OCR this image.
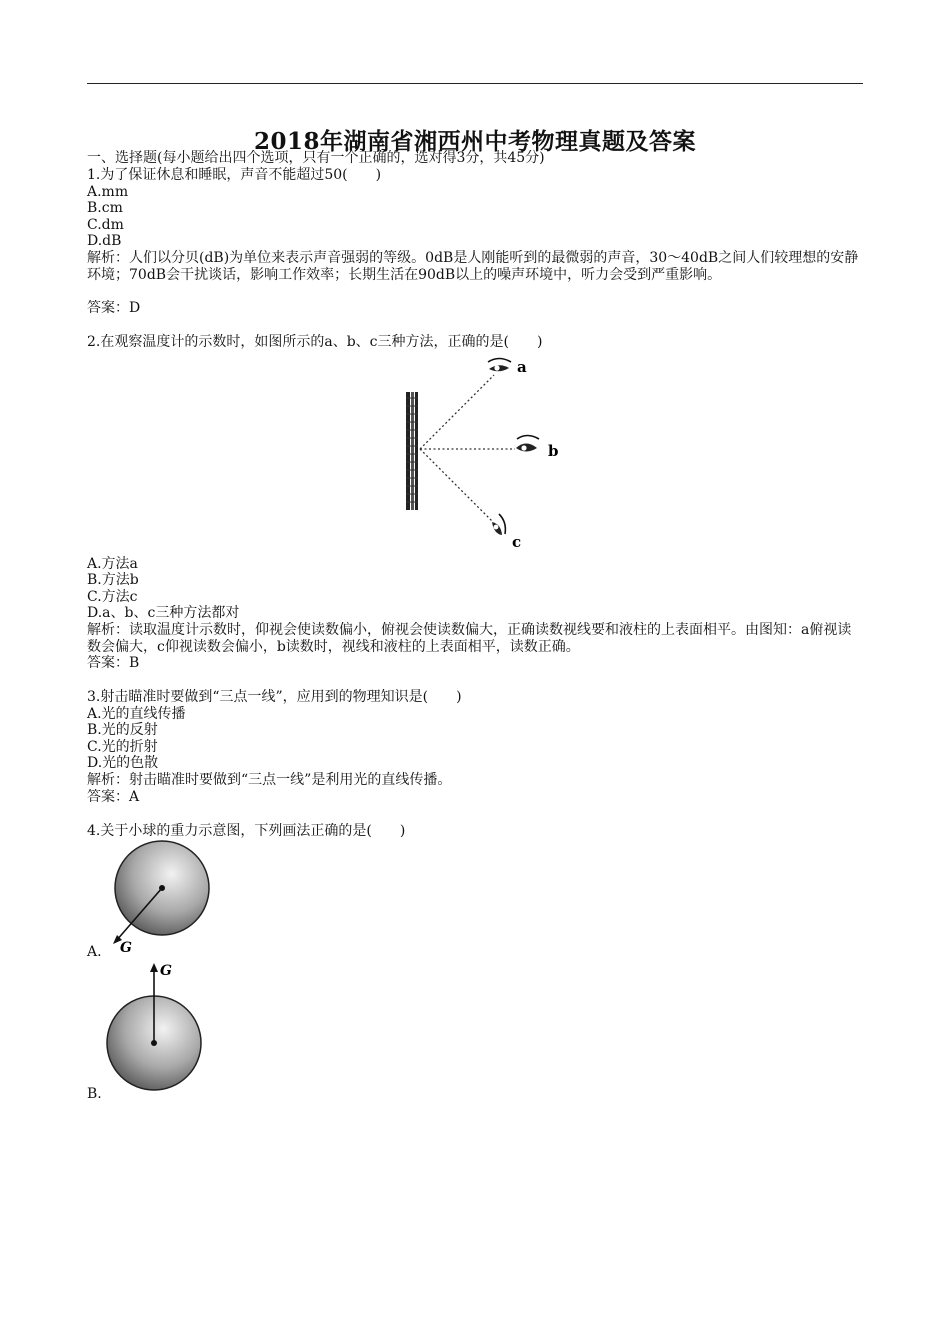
2018年湖南省湘西州中考物理真题及答案
一、选择题(每小题给出四个选项，只有一个正确的，选对得3分，共45分)
1.为了保证休息和睡眠，声音不能超过50(　　)
A.mm
B.cm
C.dm
D.dB
解析：人们以分贝(dB)为单位来表示声音强弱的等级。0dB是人刚能听到的最微弱的声音，30～40dB之间人们较理想的安静环境；70dB会干扰谈话，影响工作效率；长期生活在90dB以上的噪声环境中，听力会受到严重影响。
答案：D
2.在观察温度计的示数时，如图所示的a、b、c三种方法，正确的是(　　)
a
b
c
A.方法a
B.方法b
C.方法c
D.a、b、c三种方法都对
解析：读取温度计示数时，仰视会使读数偏小，俯视会使读数偏大，正确读数视线要和液柱的上表面相平。由图知：a俯视读数会偏大，c仰视读数会偏小，b读数时，视线和液柱的上表面相平，读数正确。
答案：B
3.射击瞄准时要做到“三点一线”，应用到的物理知识是(　　)
A.光的直线传播
B.光的反射
C.光的折射
D.光的色散
解析：射击瞄准时要做到“三点一线”是利用光的直线传播。
答案：A
4.关于小球的重力示意图，下列画法正确的是(　　)
G
A.
G
B.
